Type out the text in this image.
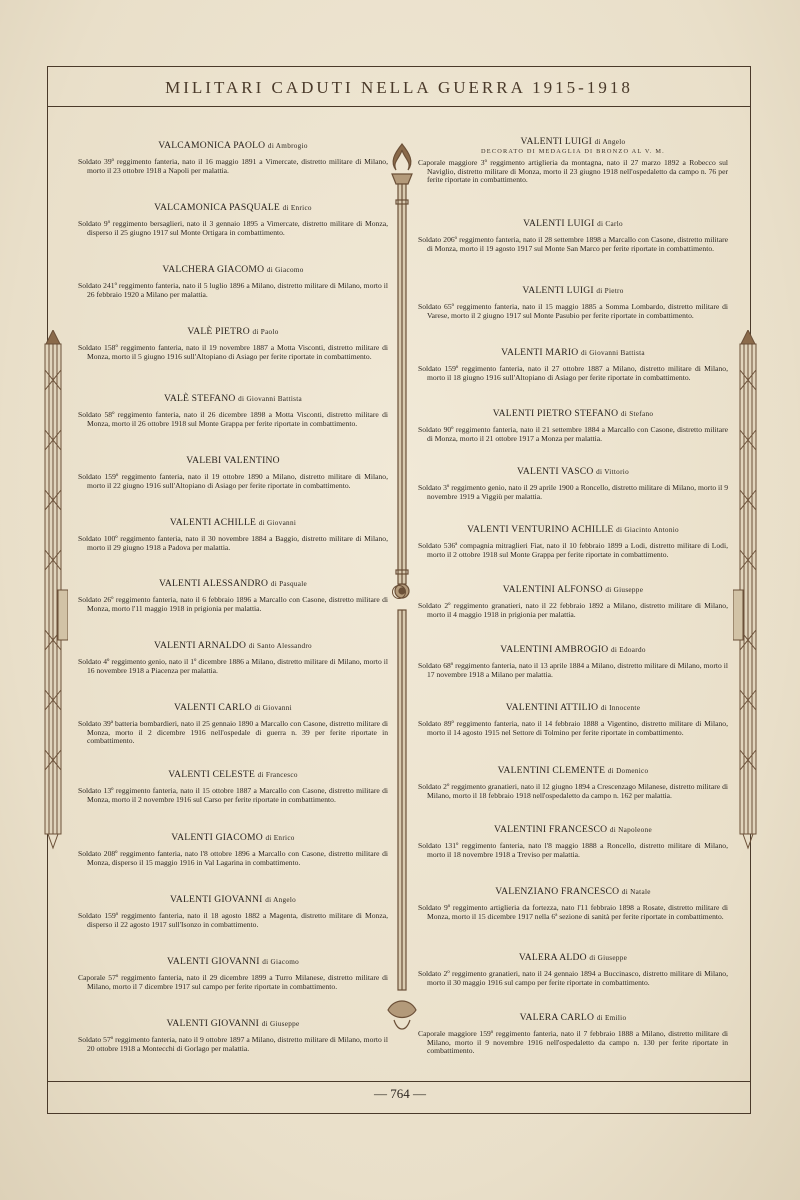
MILITARI CADUTI NELLA GUERRA 1915-1918
VALCAMONICA PAOLO di Ambrogio
Soldato 39º reggimento fanteria, nato il 16 maggio 1891 a Vimercate, distretto militare di Milano, morto il 23 ottobre 1918 a Napoli per malattia.
VALCAMONICA PASQUALE di Enrico
Soldato 9º reggimento bersaglieri, nato il 3 gennaio 1895 a Vimercate, distretto militare di Monza, disperso il 25 giugno 1917 sul Monte Ortigara in combattimento.
VALCHERA GIACOMO di Giacomo
Soldato 241º reggimento fanteria, nato il 5 luglio 1896 a Milano, distretto militare di Milano, morto il 26 febbraio 1920 a Milano per malattia.
VALÈ PIETRO di Paolo
Soldato 158º reggimento fanteria, nato il 19 novembre 1887 a Motta Visconti, distretto militare di Monza, morto il 5 giugno 1916 sull'Altopiano di Asiago per ferite riportate in combattimento.
VALÈ STEFANO di Giovanni Battista
Soldato 58º reggimento fanteria, nato il 26 dicembre 1898 a Motta Visconti, distretto militare di Monza, morto il 26 ottobre 1918 sul Monte Grappa per ferite riportate in combattimento.
VALEBI VALENTINO
Soldato 159º reggimento fanteria, nato il 19 ottobre 1890 a Milano, distretto militare di Milano, morto il 22 giugno 1916 sull'Altopiano di Asiago per ferite riportate in combattimento.
VALENTI ACHILLE di Giovanni
Soldato 100º reggimento fanteria, nato il 30 novembre 1884 a Baggio, distretto militare di Milano, morto il 29 giugno 1918 a Padova per malattia.
VALENTI ALESSANDRO di Pasquale
Soldato 26º reggimento fanteria, nato il 6 febbraio 1896 a Marcallo con Casone, distretto militare di Monza, morto l'11 maggio 1918 in prigionia per malattia.
VALENTI ARNALDO di Santo Alessandro
Soldato 4º reggimento genio, nato il 1º dicembre 1886 a Milano, distretto militare di Milano, morto il 16 novembre 1918 a Piacenza per malattia.
VALENTI CARLO di Giovanni
Soldato 39ª batteria bombardieri, nato il 25 gennaio 1890 a Marcallo con Casone, distretto militare di Monza, morto il 2 dicembre 1916 nell'ospedale di guerra n. 39 per ferite riportate in combattimento.
VALENTI CELESTE di Francesco
Soldato 13º reggimento fanteria, nato il 15 ottobre 1887 a Marcallo con Casone, distretto militare di Monza, morto il 2 novembre 1916 sul Carso per ferite riportate in combattimento.
VALENTI GIACOMO di Enrico
Soldato 208º reggimento fanteria, nato l'8 ottobre 1896 a Marcallo con Casone, distretto militare di Monza, disperso il 15 maggio 1916 in Val Lagarina in combattimento.
VALENTI GIOVANNI di Angelo
Soldato 159º reggimento fanteria, nato il 18 agosto 1882 a Magenta, distretto militare di Monza, disperso il 22 agosto 1917 sull'Isonzo in combattimento.
VALENTI GIOVANNI di Giacomo
Caporale 57º reggimento fanteria, nato il 29 dicembre 1899 a Turro Milanese, distretto militare di Milano, morto il 7 dicembre 1917 sul campo per ferite riportate in combattimento.
VALENTI GIOVANNI di Giuseppe
Soldato 57º reggimento fanteria, nato il 9 ottobre 1897 a Milano, distretto militare di Milano, morto il 20 ottobre 1918 a Montecchi di Gorlago per malattia.
VALENTI LUIGI di Angelo
DECORATO DI MEDAGLIA DI BRONZO AL V. M.
Caporale maggiore 3º reggimento artiglieria da montagna, nato il 27 marzo 1892 a Robecco sul Naviglio, distretto militare di Monza, morto il 23 giugno 1918 nell'ospedaletto da campo n. 76 per ferite riportate in combattimento.
VALENTI LUIGI di Carlo
Soldato 206º reggimento fanteria, nato il 28 settembre 1898 a Marcallo con Casone, distretto militare di Monza, morto il 19 agosto 1917 sul Monte San Marco per ferite riportate in combattimento.
VALENTI LUIGI di Pietro
Soldato 65º reggimento fanteria, nato il 15 maggio 1885 a Somma Lombardo, distretto militare di Varese, morto il 2 giugno 1917 sul Monte Pasubio per ferite riportate in combattimento.
VALENTI MARIO di Giovanni Battista
Soldato 159º reggimento fanteria, nato il 27 ottobre 1887 a Milano, distretto militare di Milano, morto il 18 giugno 1916 sull'Altopiano di Asiago per ferite riportate in combattimento.
VALENTI PIETRO STEFANO di Stefano
Soldato 90º reggimento fanteria, nato il 21 settembre 1884 a Marcallo con Casone, distretto militare di Monza, morto il 21 ottobre 1917 a Monza per malattia.
VALENTI VASCO di Vittorio
Soldato 3º reggimento genio, nato il 29 aprile 1900 a Roncello, distretto militare di Milano, morto il 9 novembre 1919 a Viggiù per malattia.
VALENTI VENTURINO ACHILLE di Giacinto Antonio
Soldato 536ª compagnia mitraglieri Fiat, nato il 10 febbraio 1899 a Lodi, distretto militare di Lodi, morto il 2 ottobre 1918 sul Monte Grappa per ferite riportate in combattimento.
VALENTINI ALFONSO di Giuseppe
Soldato 2º reggimento granatieri, nato il 22 febbraio 1892 a Milano, distretto militare di Milano, morto il 4 maggio 1918 in prigionia per malattia.
VALENTINI AMBROGIO di Edoardo
Soldato 68º reggimento fanteria, nato il 13 aprile 1884 a Milano, distretto militare di Milano, morto il 17 novembre 1918 a Milano per malattia.
VALENTINI ATTILIO di Innocente
Soldato 89º reggimento fanteria, nato il 14 febbraio 1888 a Vigentino, distretto militare di Milano, morto il 14 agosto 1915 nel Settore di Tolmino per ferite riportate in combattimento.
VALENTINI CLEMENTE di Domenico
Soldato 2º reggimento granatieri, nato il 12 giugno 1894 a Crescenzago Milanese, distretto militare di Milano, morto il 18 febbraio 1918 nell'ospedaletto da campo n. 162 per malattia.
VALENTINI FRANCESCO di Napoleone
Soldato 131º reggimento fanteria, nato l'8 maggio 1888 a Roncello, distretto militare di Milano, morto il 18 novembre 1918 a Treviso per malattia.
VALENZIANO FRANCESCO di Natale
Soldato 9º reggimento artiglieria da fortezza, nato l'11 febbraio 1898 a Rosate, distretto militare di Monza, morto il 15 dicembre 1917 nella 6ª sezione di sanità per ferite riportate in combattimento.
VALERA ALDO di Giuseppe
Soldato 2º reggimento granatieri, nato il 24 gennaio 1894 a Buccinasco, distretto militare di Milano, morto il 30 maggio 1916 sul campo per ferite riportate in combattimento.
VALERA CARLO di Emilio
Caporale maggiore 159º reggimento fanteria, nato il 7 febbraio 1888 a Milano, distretto militare di Milano, morto il 9 novembre 1916 nell'ospedaletto da campo n. 130 per ferite riportate in combattimento.
— 764 —
